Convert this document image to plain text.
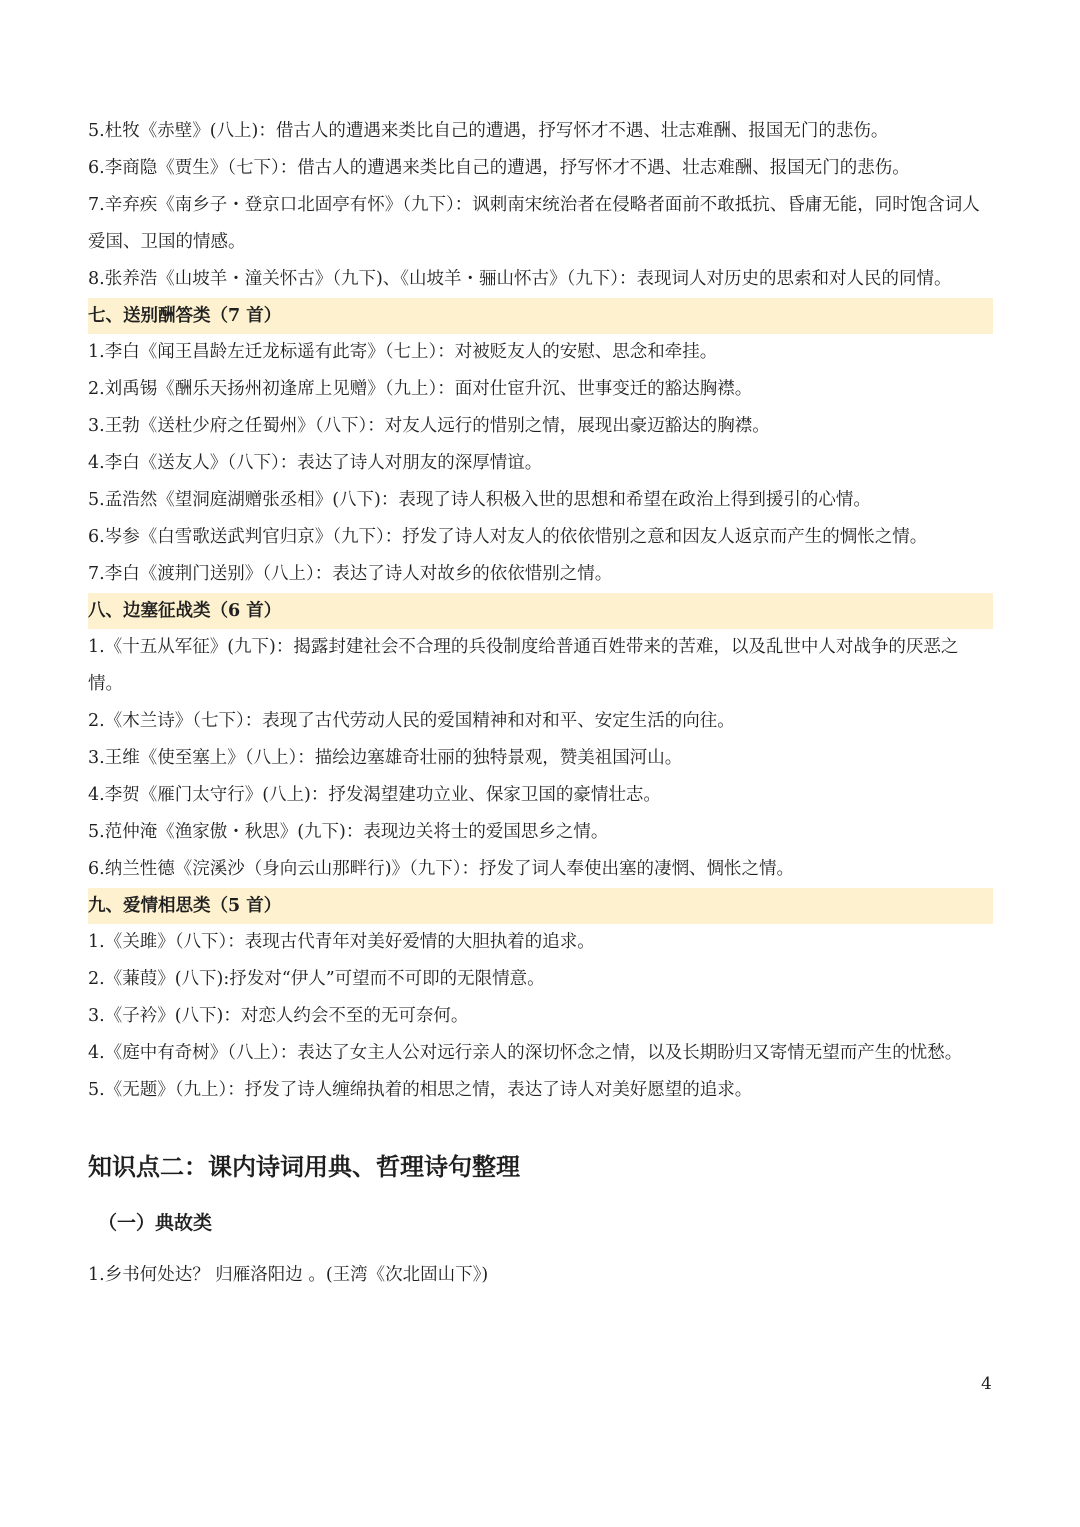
5.杜牧《赤壁》(八上)：借古人的遭遇来类比自己的遭遇，抒写怀才不遇、壮志难酬、报国无门的悲伤。

6.李商隐《贾生》（七下）：借古人的遭遇来类比自己的遭遇，抒写怀才不遇、壮志难酬、报国无门的悲伤。

7.辛弃疾《南乡子・登京口北固亭有怀》（九下）：讽刺南宋统治者在侵略者面前不敢抵抗、昏庸无能，同时饱含词人爱国、卫国的情感。

8.张养浩《山坡羊・潼关怀古》（九下)、《山坡羊・骊山怀古》（九下）：表现词人对历史的思索和对人民的同情。

七、送别酬答类（7 首）

1.李白《闻王昌龄左迁龙标遥有此寄》（七上）：对被贬友人的安慰、思念和牵挂。

2.刘禹锡《酬乐天扬州初逢席上见赠》（九上）：面对仕宦升沉、世事变迁的豁达胸襟。

3.王勃《送杜少府之任蜀州》（八下）：对友人远行的惜别之情，展现出豪迈豁达的胸襟。

4.李白《送友人》（八下）：表达了诗人对朋友的深厚情谊。

5.孟浩然《望洞庭湖赠张丞相》(八下)：表现了诗人积极入世的思想和希望在政治上得到援引的心情。

6.岑参《白雪歌送武判官归京》（九下）：抒发了诗人对友人的依依惜别之意和因友人返京而产生的惆怅之情。

7.李白《渡荆门送别》（八上）：表达了诗人对故乡的依依惜别之情。

八、边塞征战类（6 首）

1.《十五从军征》(九下)：揭露封建社会不合理的兵役制度给普通百姓带来的苦难，以及乱世中人对战争的厌恶之情。

2.《木兰诗》（七下）：表现了古代劳动人民的爱国精神和对和平、安定生活的向往。

3.王维《使至塞上》（八上）：描绘边塞雄奇壮丽的独特景观，赞美祖国河山。

4.李贺《雁门太守行》(八上)：抒发渴望建功立业、保家卫国的豪情壮志。

5.范仲淹《渔家傲・秋思》(九下)：表现边关将士的爱国思乡之情。

6.纳兰性德《浣溪沙（身向云山那畔行)》（九下）：抒发了词人奉使出塞的凄惘、惆怅之情。

九、爱情相思类（5 首）

1.《关雎》（八下）：表现古代青年对美好爱情的大胆执着的追求。

2.《蒹葭》(八下):抒发对“伊人”可望而不可即的无限情意。

3.《子衿》(八下)：对恋人约会不至的无可奈何。

4.《庭中有奇树》（八上）：表达了女主人公对远行亲人的深切怀念之情，以及长期盼归又寄情无望而产生的忧愁。

5.《无题》（九上）：抒发了诗人缠绵执着的相思之情，表达了诗人对美好愿望的追求。

知识点二：课内诗词用典、哲理诗句整理
（一）典故类

1.乡书何处达？ 归雁洛阳边 。(王湾《次北固山下》)

4
